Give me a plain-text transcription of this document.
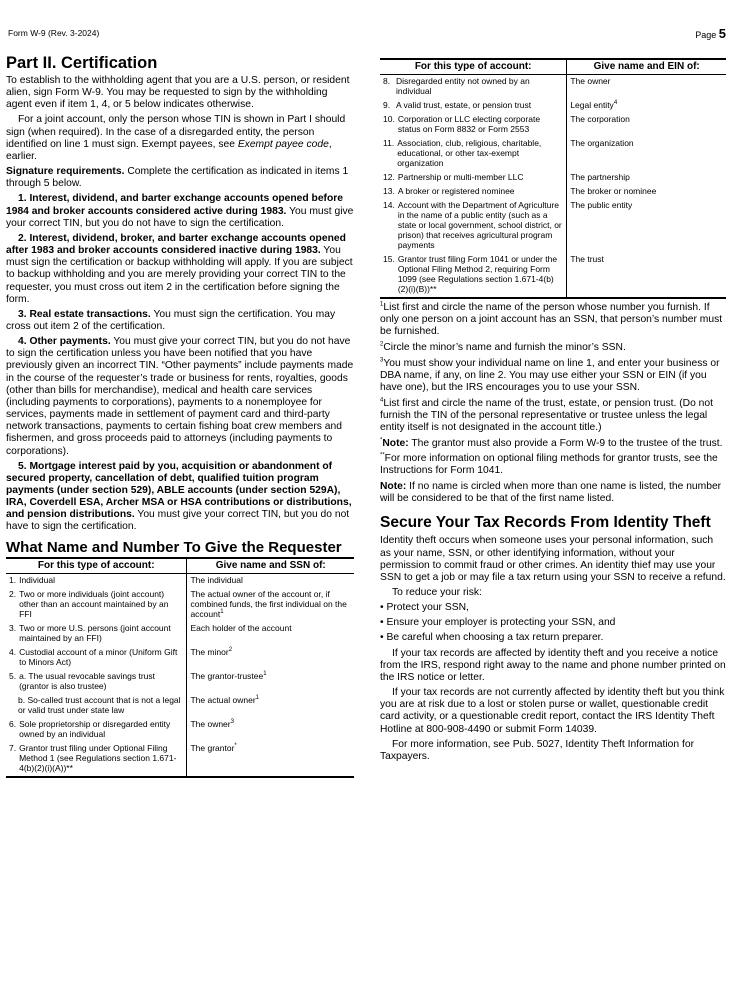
Form W-9 (Rev. 3-2024)	Page 5
Part II. Certification

To establish to the withholding agent that you are a U.S. person, or resident alien, sign Form W-9. You may be requested to sign by the withholding agent even if item 1, 4, or 5 below indicates otherwise.

For a joint account, only the person whose TIN is shown in Part I should sign (when required). In the case of a disregarded entity, the person identified on line 1 must sign. Exempt payees, see Exempt payee code, earlier.

Signature requirements. Complete the certification as indicated in items 1 through 5 below.

1. Interest, dividend, and barter exchange accounts opened before 1984 and broker accounts considered active during 1983. You must give your correct TIN, but you do not have to sign the certification.

2. Interest, dividend, broker, and barter exchange accounts opened after 1983 and broker accounts considered inactive during 1983. You must sign the certification or backup withholding will apply. If you are subject to backup withholding and you are merely providing your correct TIN to the requester, you must cross out item 2 in the certification before signing the form.

3. Real estate transactions. You must sign the certification. You may cross out item 2 of the certification.

4. Other payments. You must give your correct TIN, but you do not have to sign the certification unless you have been notified that you have previously given an incorrect TIN. “Other payments” include payments made in the course of the requester’s trade or business for rents, royalties, goods (other than bills for merchandise), medical and health care services (including payments to corporations), payments to a nonemployee for services, payments made in settlement of payment card and third-party network transactions, payments to certain fishing boat crew members and fishermen, and gross proceeds paid to attorneys (including payments to corporations).

5. Mortgage interest paid by you, acquisition or abandonment of secured property, cancellation of debt, qualified tuition program payments (under section 529), ABLE accounts (under section 529A), IRA, Coverdell ESA, Archer MSA or HSA contributions or distributions, and pension distributions. You must give your correct TIN, but you do not have to sign the certification.

What Name and Number To Give the Requester
For this type of account:	Give name and SSN of:

1. Individual	The individual

2. Two or more individuals (joint account) other than an account maintained by an FFI	The actual owner of the account or, if combined funds, the first individual on the account$^1$

3. Two or more U.S. persons (joint account maintained by an FFI)	Each holder of the account

4. Custodial account of a minor (Uniform Gift to Minors Act)	The minor$^2$

5. a. The usual revocable savings trust (grantor is also trustee)	The grantor-trustee$^1$

b. So-called trust account that is not a legal or valid trust under state law	The actual owner$^1$

6. Sole proprietorship or disregarded entity owned by an individual	The owner$^3$

7. Grantor trust filing under Optional Filing Method 1 (see Regulations section 1.671-4(b)(2)(i)(A))**	The grantor*
For this type of account:	Give name and EIN of:

8. Disregarded entity not owned by an individual	The owner

9. A valid trust, estate, or pension trust	Legal entity$^4$

10. Corporation or LLC electing corporate status on Form 8832 or Form 2553	The corporation

11. Association, club, religious, charitable, educational, or other tax-exempt organization	The organization

12. Partnership or multi-member LLC	The partnership

13. A broker or registered nominee	The broker or nominee

14. Account with the Department of Agriculture in the name of a public entity (such as a state or local government, school district, or prison) that receives agricultural program payments	The public entity

15. Grantor trust filing Form 1041 or under the Optional Filing Method 2, requiring Form 1099 (see Regulations section 1.671-4(b)(2)(i)(B))**	The trust

$^1$List first and circle the name of the person whose number you furnish. If only one person on a joint account has an SSN, that person’s number must be furnished.

$^2$Circle the minor’s name and furnish the minor’s SSN.

$^3$You must show your individual name on line 1, and enter your business or DBA name, if any, on line 2. You may use either your SSN or EIN (if you have one), but the IRS encourages you to use your SSN.

$^4$List first and circle the name of the trust, estate, or pension trust. (Do not furnish the TIN of the personal representative or trustee unless the legal entity itself is not designated in the account title.)

*Note: The grantor must also provide a Form W-9 to the trustee of the trust.

**For more information on optional filing methods for grantor trusts, see the Instructions for Form 1041.

Note: If no name is circled when more than one name is listed, the number will be considered to be that of the first name listed.

Secure Your Tax Records From Identity Theft

Identity theft occurs when someone uses your personal information, such as your name, SSN, or other identifying information, without your permission to commit fraud or other crimes. An identity thief may use your SSN to get a job or may file a tax return using your SSN to receive a refund.

To reduce your risk:

• Protect your SSN,

• Ensure your employer is protecting your SSN, and

• Be careful when choosing a tax return preparer.

If your tax records are affected by identity theft and you receive a notice from the IRS, respond right away to the name and phone number printed on the IRS notice or letter.

If your tax records are not currently affected by identity theft but you think you are at risk due to a lost or stolen purse or wallet, questionable credit card activity, or a questionable credit report, contact the IRS Identity Theft Hotline at 800-908-4490 or submit Form 14039.

For more information, see Pub. 5027, Identity Theft Information for Taxpayers.
